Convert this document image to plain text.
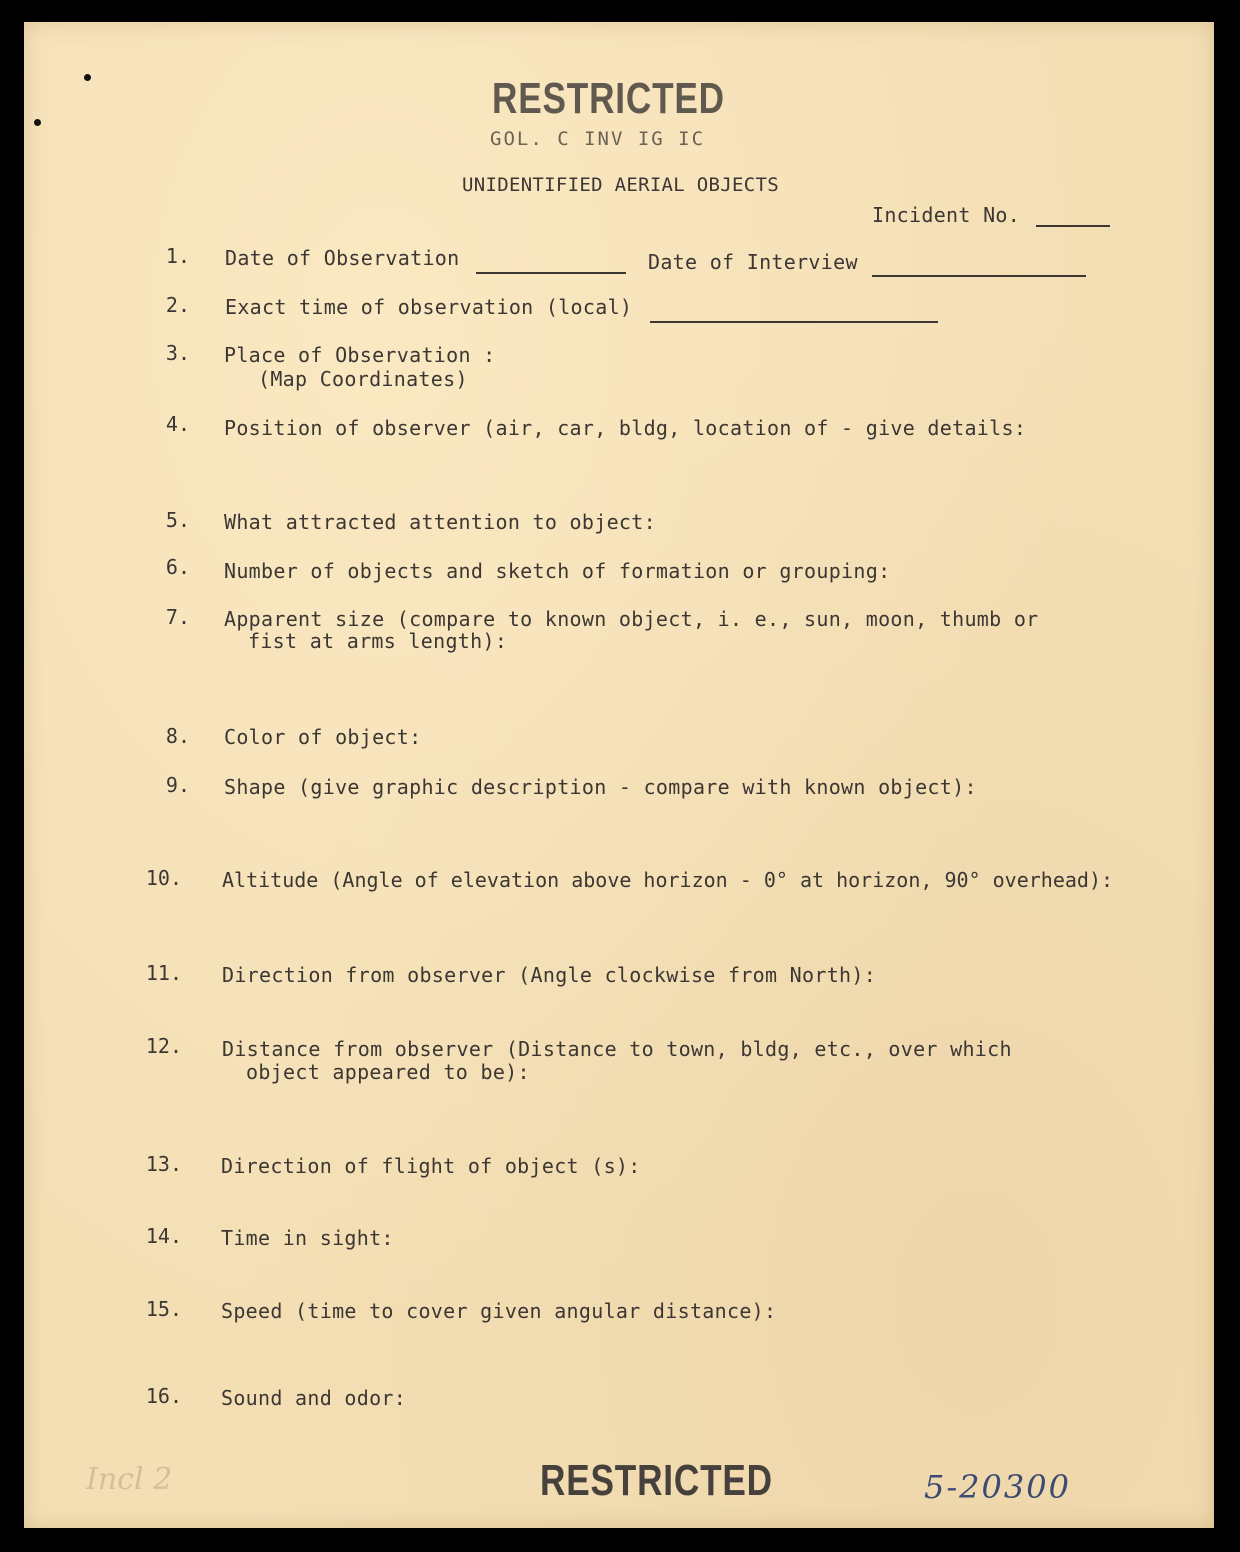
RESTRICTED
GOL. C INV IG IC
UNIDENTIFIED AERIAL OBJECTS
Incident No.
1. Date of Observation	Date of Interview
2. Exact time of observation (local)
3. Place of Observation :
(Map Coordinates)
4. Position of observer (air, car, bldg, location of - give details:
5. What attracted attention to object:
6. Number of objects and sketch of formation or grouping:
7. Apparent size (compare to known object, i. e., sun, moon, thumb or
fist at arms length):
8. Color of object:
9. Shape (give graphic description - compare with known object):
10. Altitude (Angle of elevation above horizon - 0° at horizon, 90° overhead):
11. Direction from observer (Angle clockwise from North):
12. Distance from observer (Distance to town, bldg, etc., over which
object appeared to be):
13. Direction of flight of object (s):
14. Time in sight:
15. Speed (time to cover given angular distance):
16. Sound and odor:
RESTRICTED
Incl 2	5-20300
